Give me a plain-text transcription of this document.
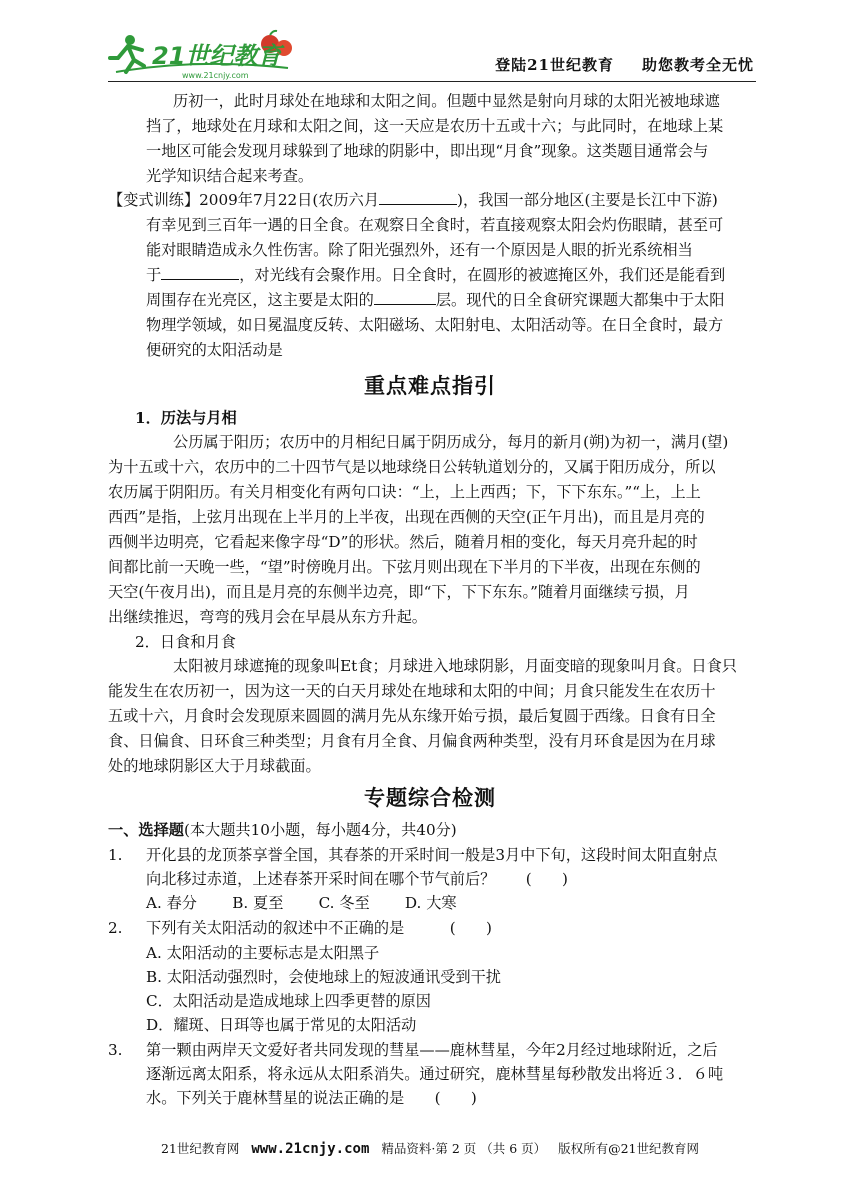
21世纪教育
www.21cnjy.com
登陆21世纪教育 助您教考全无忧
历初一，此时月球处在地球和太阳之间。但题中显然是射向月球的太阳光被地球遮
挡了，地球处在月球和太阳之间，这一天应是农历十五或十六；与此同时，在地球上某
一地区可能会发现月球躲到了地球的阴影中，即出现“月食”现象。这类题目通常会与
光学知识结合起来考查。
【变式训练】2009年7月22日(农历六月	)，我国一部分地区(主要是长江中下游)
有幸见到三百年一遇的日全食。在观察日全食时，若直接观察太阳会灼伤眼睛，甚至可
能对眼睛造成永久性伤害。除了阳光强烈外，还有一个原因是人眼的折光系统相当
于	，对光线有会聚作用。日全食时，在圆形的被遮掩区外，我们还是能看到
周围存在光亮区，这主要是太阳的	层。现代的日全食研究课题大都集中于太阳
物理学领域，如日冕温度反转、太阳磁场、太阳射电、太阳活动等。在日全食时，最方
便研究的太阳活动是
重点难点指引
1．历法与月相
公历属于阳历；农历中的月相纪日属于阴历成分，每月的新月(朔)为初一，满月(望)
为十五或十六，农历中的二十四节气是以地球绕日公转轨道划分的，又属于阳历成分，所以
农历属于阴阳历。有关月相变化有两句口诀：“上，上上西西；下，下下东东。”“上，上上
西西”是指，上弦月出现在上半月的上半夜，出现在西侧的天空(正午月出)，而且是月亮的
西侧半边明亮，它看起来像字母“D”的形状。然后，随着月相的变化，每天月亮升起的时
间都比前一天晚一些，“望”时傍晚月出。下弦月则出现在下半月的下半夜，出现在东侧的
天空(午夜月出)，而且是月亮的东侧半边亮，即“下，下下东东。”随着月面继续亏损，月
出继续推迟，弯弯的残月会在早晨从东方升起。
2．日食和月食
太阳被月球遮掩的现象叫Et食；月球进入地球阴影，月面变暗的现象叫月食。日食只
能发生在农历初一，因为这一天的白天月球处在地球和太阳的中间；月食只能发生在农历十
五或十六，月食时会发现原来圆圆的满月先从东缘开始亏损，最后复圆于西缘。日食有日全
食、日偏食、日环食三种类型；月食有月全食、月偏食两种类型，没有月环食是因为在月球
处的地球阴影区大于月球截面。
专题综合检测
一、选择题(本大题共10小题，每小题4分，共40分)
1. 开化县的龙顶茶享誉全国，其春茶的开采时间一般是3月中下旬，这段时间太阳直射点
向北移过赤道，上述春茶开采时间在哪个节气前后？　　(　　)
A. 春分　　 B. 夏至　　 C. 冬至　　 D. 大寒
2. 下列有关太阳活动的叙述中不正确的是　　　(　　)
A. 太阳活动的主要标志是太阳黑子
B. 太阳活动强烈时，会使地球上的短波通讯受到干扰
C．太阳活动是造成地球上四季更替的原因
D．耀斑、日珥等也属于常见的太阳活动
3. 第一颗由两岸天文爱好者共同发现的彗星——鹿林彗星，今年2月经过地球附近，之后
逐渐远离太阳系，将永远从太阳系消失。通过研究，鹿林彗星每秒散发出将近３．６吨
水。下列关于鹿林彗星的说法正确的是　　(　　)
21世纪教育网 www.21cnjy.com 精品资料·第 2 页 （共 6 页） 版权所有@21世纪教育网
